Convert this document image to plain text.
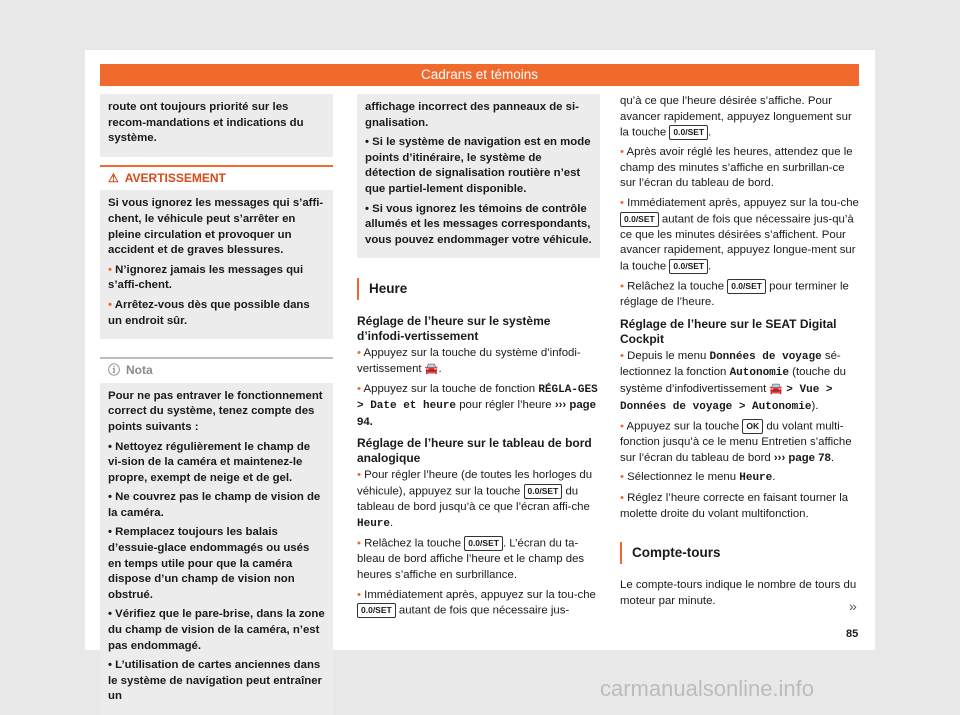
Cadrans et témoins

route ont toujours priorité sur les recom-mandations et indications du système.

⚠ AVERTISSEMENT

Si vous ignorez les messages qui s’affi-chent, le véhicule peut s’arrêter en pleine circulation et provoquer un accident et de graves blessures.

• N’ignorez jamais les messages qui s’affi-chent.

• Arrêtez-vous dès que possible dans un endroit sûr.

ⓘ Nota

Pour ne pas entraver le fonctionnement correct du système, tenez compte des points suivants :

• Nettoyez régulièrement le champ de vi-sion de la caméra et maintenez-le propre, exempt de neige et de gel.

• Ne couvrez pas le champ de vision de la caméra.

• Remplacez toujours les balais d’essuie-glace endommagés ou usés en temps utile pour que la caméra dispose d’un champ de vision non obstrué.

• Vérifiez que le pare-brise, dans la zone du champ de vision de la caméra, n’est pas endommagé.

• L’utilisation de cartes anciennes dans le système de navigation peut entraîner un

affichage incorrect des panneaux de si-gnalisation.

• Si le système de navigation est en mode points d’itinéraire, le système de détection de signalisation routière n’est que partiel-lement disponible.

• Si vous ignorez les témoins de contrôle allumés et les messages correspondants, vous pouvez endommager votre véhicule.

Heure
Réglage de l’heure sur le système d’infodi-vertissement

• Appuyez sur la touche du système d’infodi-vertissement 🚘.

• Appuyez sur la touche de fonction RÉGLA-GES > Date et heure pour régler l’heure ››› page 94.

Réglage de l’heure sur le tableau de bord analogique

• Pour régler l’heure (de toutes les horloges du véhicule), appuyez sur la touche 0.0/SET du tableau de bord jusqu’à ce que l’écran affi-che Heure.

• Relâchez la touche 0.0/SET . L’écran du ta-bleau de bord affiche l’heure et le champ des heures s’affiche en surbrillance.

• Immédiatement après, appuyez sur la tou-che 0.0/SET autant de fois que nécessaire jus-

qu’à ce que l’heure désirée s’affiche. Pour avancer rapidement, appuyez longuement sur la touche 0.0/SET .

• Après avoir réglé les heures, attendez que le champ des minutes s’affiche en surbrillan-ce sur l’écran du tableau de bord.

• Immédiatement après, appuyez sur la tou-che 0.0/SET autant de fois que nécessaire jus-qu’à ce que les minutes désirées s’affichent. Pour avancer rapidement, appuyez longue-ment sur la touche 0.0/SET .

• Relâchez la touche 0.0/SET pour terminer le réglage de l’heure.

Réglage de l’heure sur le SEAT Digital Cockpit

• Depuis le menu Données de voyage sé-lectionnez la fonction Autonomie (touche du système d’infodivertissement 🚘 > Vue > Données de voyage > Autonomie).

• Appuyez sur la touche OK du volant multi-fonction jusqu’à ce le menu Entretien s’affiche sur l’écran du tableau de bord ››› page 78.

• Sélectionnez le menu Heure.

• Réglez l’heure correcte en faisant tourner la molette droite du volant multifonction.

Compte-tours

Le compte-tours indique le nombre de tours du moteur par minute.	»
85
carmanualsonline.info
